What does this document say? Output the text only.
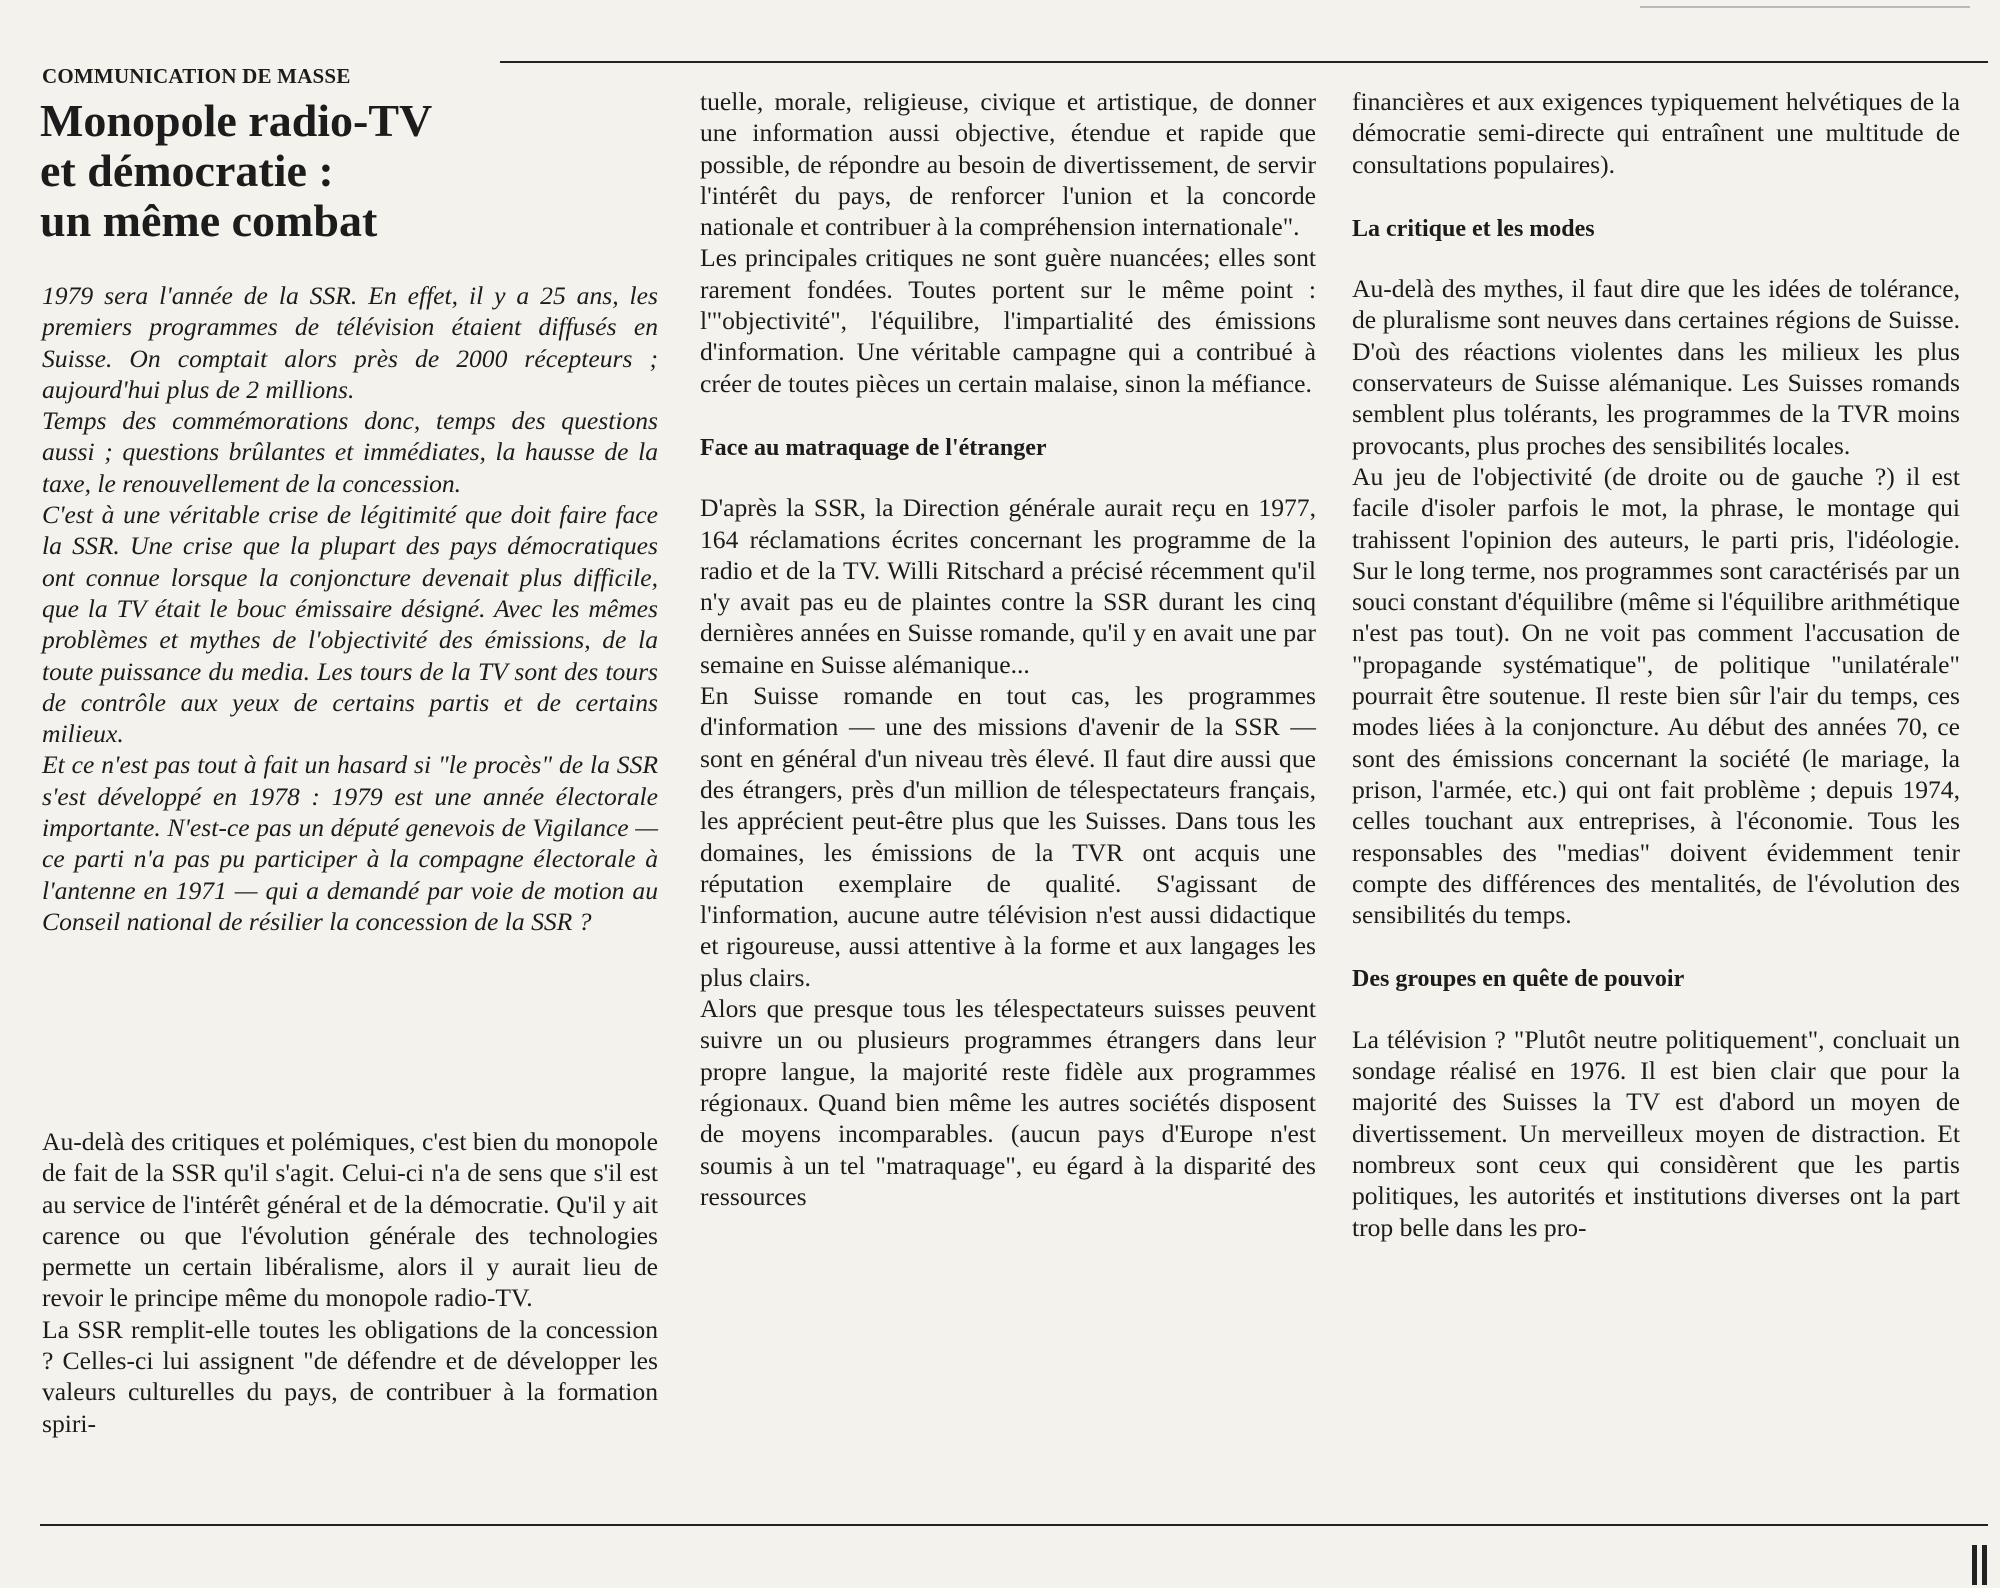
COMMUNICATION DE MASSE
Monopole radio-TV
et démocratie :
un même combat

1979 sera l'année de la SSR. En effet, il y a 25 ans, les premiers programmes de télévision étaient diffusés en Suisse. On comptait alors près de 2000 récepteurs ; aujourd'hui plus de 2 millions.

Temps des commémorations donc, temps des questions aussi ; questions brûlantes et immédiates, la hausse de la taxe, le renouvellement de la concession.

C'est à une véritable crise de légitimité que doit faire face la SSR. Une crise que la plupart des pays démocratiques ont connue lorsque la conjoncture devenait plus difficile, que la TV était le bouc émissaire désigné. Avec les mêmes problèmes et mythes de l'objectivité des émissions, de la toute puissance du media. Les tours de la TV sont des tours de contrôle aux yeux de certains partis et de certains milieux.

Et ce n'est pas tout à fait un hasard si "le procès" de la SSR s'est développé en 1978 : 1979 est une année électorale importante. N'est-ce pas un député genevois de Vigilance — ce parti n'a pas pu participer à la compagne électorale à l'antenne en 1971 — qui a demandé par voie de motion au Conseil national de résilier la concession de la SSR ?

Au-delà des critiques et polémiques, c'est bien du monopole de fait de la SSR qu'il s'agit. Celui-ci n'a de sens que s'il est au service de l'intérêt général et de la démocratie. Qu'il y ait carence ou que l'évolution générale des technologies permette un certain libéralisme, alors il y aurait lieu de revoir le principe même du monopole radio-TV.

La SSR remplit-elle toutes les obligations de la concession ? Celles-ci lui assignent "de défendre et de développer les valeurs culturelles du pays, de contribuer à la formation spiri-

tuelle, morale, religieuse, civique et artistique, de donner une information aussi objective, étendue et rapide que possible, de répondre au besoin de divertissement, de servir l'intérêt du pays, de renforcer l'union et la concorde nationale et contribuer à la compréhension internationale".

Les principales critiques ne sont guère nuancées; elles sont rarement fondées. Toutes portent sur le même point : l'"objectivité", l'équilibre, l'impartialité des émissions d'information. Une véritable campagne qui a contribué à créer de toutes pièces un certain malaise, sinon la méfiance.

Face au matraquage de l'étranger

D'après la SSR, la Direction générale aurait reçu en 1977, 164 réclamations écrites concernant les programme de la radio et de la TV. Willi Ritschard a précisé récemment qu'il n'y avait pas eu de plaintes contre la SSR durant les cinq dernières années en Suisse romande, qu'il y en avait une par semaine en Suisse alémanique...

En Suisse romande en tout cas, les programmes d'information — une des missions d'avenir de la SSR — sont en général d'un niveau très élevé. Il faut dire aussi que des étrangers, près d'un million de télespectateurs français, les apprécient peut-être plus que les Suisses. Dans tous les domaines, les émissions de la TVR ont acquis une réputation exemplaire de qualité. S'agissant de l'information, aucune autre télévision n'est aussi didactique et rigoureuse, aussi attentive à la forme et aux langages les plus clairs.

Alors que presque tous les télespectateurs suisses peuvent suivre un ou plusieurs programmes étrangers dans leur propre langue, la majorité reste fidèle aux programmes régionaux. Quand bien même les autres sociétés disposent de moyens incomparables. (aucun pays d'Europe n'est soumis à un tel "matraquage", eu égard à la disparité des ressources

financières et aux exigences typiquement helvétiques de la démocratie semi-directe qui entraînent une multitude de consultations populaires).

La critique et les modes

Au-delà des mythes, il faut dire que les idées de tolérance, de pluralisme sont neuves dans certaines régions de Suisse. D'où des réactions violentes dans les milieux les plus conservateurs de Suisse alémanique. Les Suisses romands semblent plus tolérants, les programmes de la TVR moins provocants, plus proches des sensibilités locales.

Au jeu de l'objectivité (de droite ou de gauche ?) il est facile d'isoler parfois le mot, la phrase, le montage qui trahissent l'opinion des auteurs, le parti pris, l'idéologie. Sur le long terme, nos programmes sont caractérisés par un souci constant d'équilibre (même si l'équilibre arithmétique n'est pas tout). On ne voit pas comment l'accusation de "propagande systématique", de politique "unilatérale" pourrait être soutenue. Il reste bien sûr l'air du temps, ces modes liées à la conjoncture. Au début des années 70, ce sont des émissions concernant la société (le mariage, la prison, l'armée, etc.) qui ont fait problème ; depuis 1974, celles touchant aux entreprises, à l'économie. Tous les responsables des "medias" doivent évidemment tenir compte des différences des mentalités, de l'évolution des sensibilités du temps.

Des groupes en quête de pouvoir

La télévision ? "Plutôt neutre politiquement", concluait un sondage réalisé en 1976. Il est bien clair que pour la majorité des Suisses la TV est d'abord un moyen de divertissement. Un merveilleux moyen de distraction. Et nombreux sont ceux qui considèrent que les partis politiques, les autorités et institutions diverses ont la part trop belle dans les pro-
